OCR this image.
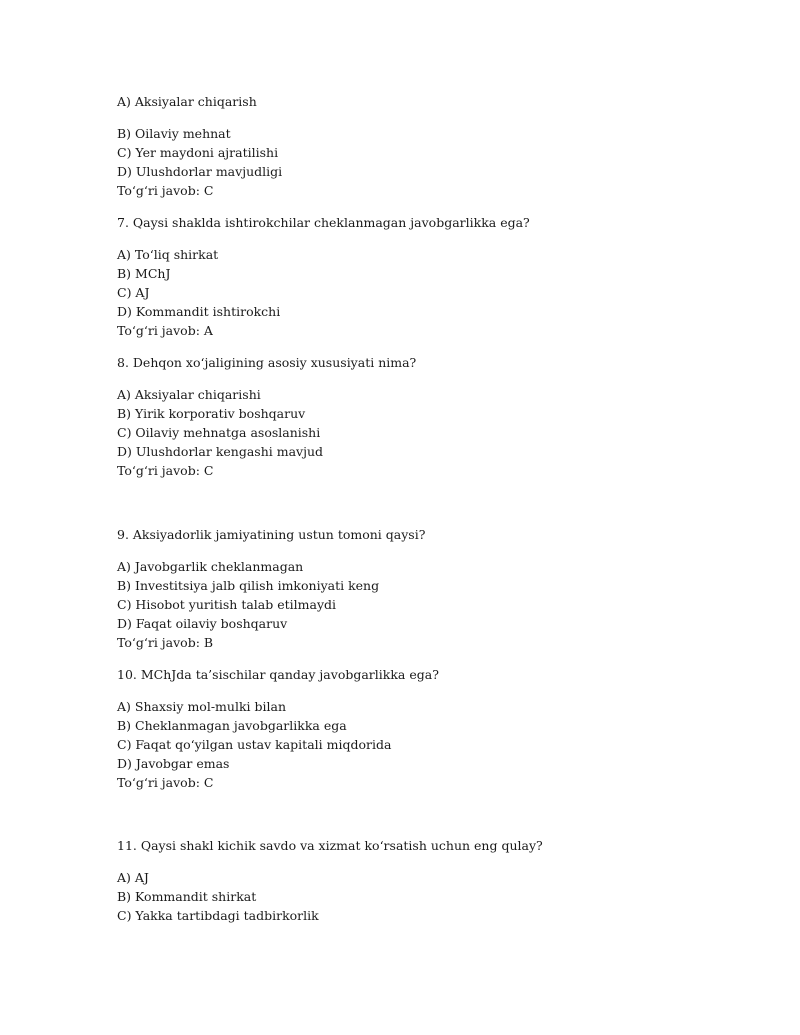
A) Aksiyalar chiqarish
B) Oilaviy mehnat
C) Yer maydoni ajratilishi
D) Ulushdorlar mavjudligi
To‘g‘ri javob: C
7. Qaysi shaklda ishtirokchilar cheklanmagan javobgarlikka ega?
A) To‘liq shirkat
B) MChJ
C) AJ
D) Kommandit ishtirokchi
To‘g‘ri javob: A
8. Dehqon xo‘jaligining asosiy xususiyati nima?
A) Aksiyalar chiqarishi
B) Yirik korporativ boshqaruv
C) Oilaviy mehnatga asoslanishi
D) Ulushdorlar kengashi mavjud
To‘g‘ri javob: C
9. Aksiyadorlik jamiyatining ustun tomoni qaysi?
A) Javobgarlik cheklanmagan
B) Investitsiya jalb qilish imkoniyati keng
C) Hisobot yuritish talab etilmaydi
D) Faqat oilaviy boshqaruv
To‘g‘ri javob: B
10. MChJda ta’sischilar qanday javobgarlikka ega?
A) Shaxsiy mol-mulki bilan
B) Cheklanmagan javobgarlikka ega
C) Faqat qo‘yilgan ustav kapitali miqdorida
D) Javobgar emas
To‘g‘ri javob: C
11. Qaysi shakl kichik savdo va xizmat ko‘rsatish uchun eng qulay?
A) AJ
B) Kommandit shirkat
C) Yakka tartibdagi tadbirkorlik
